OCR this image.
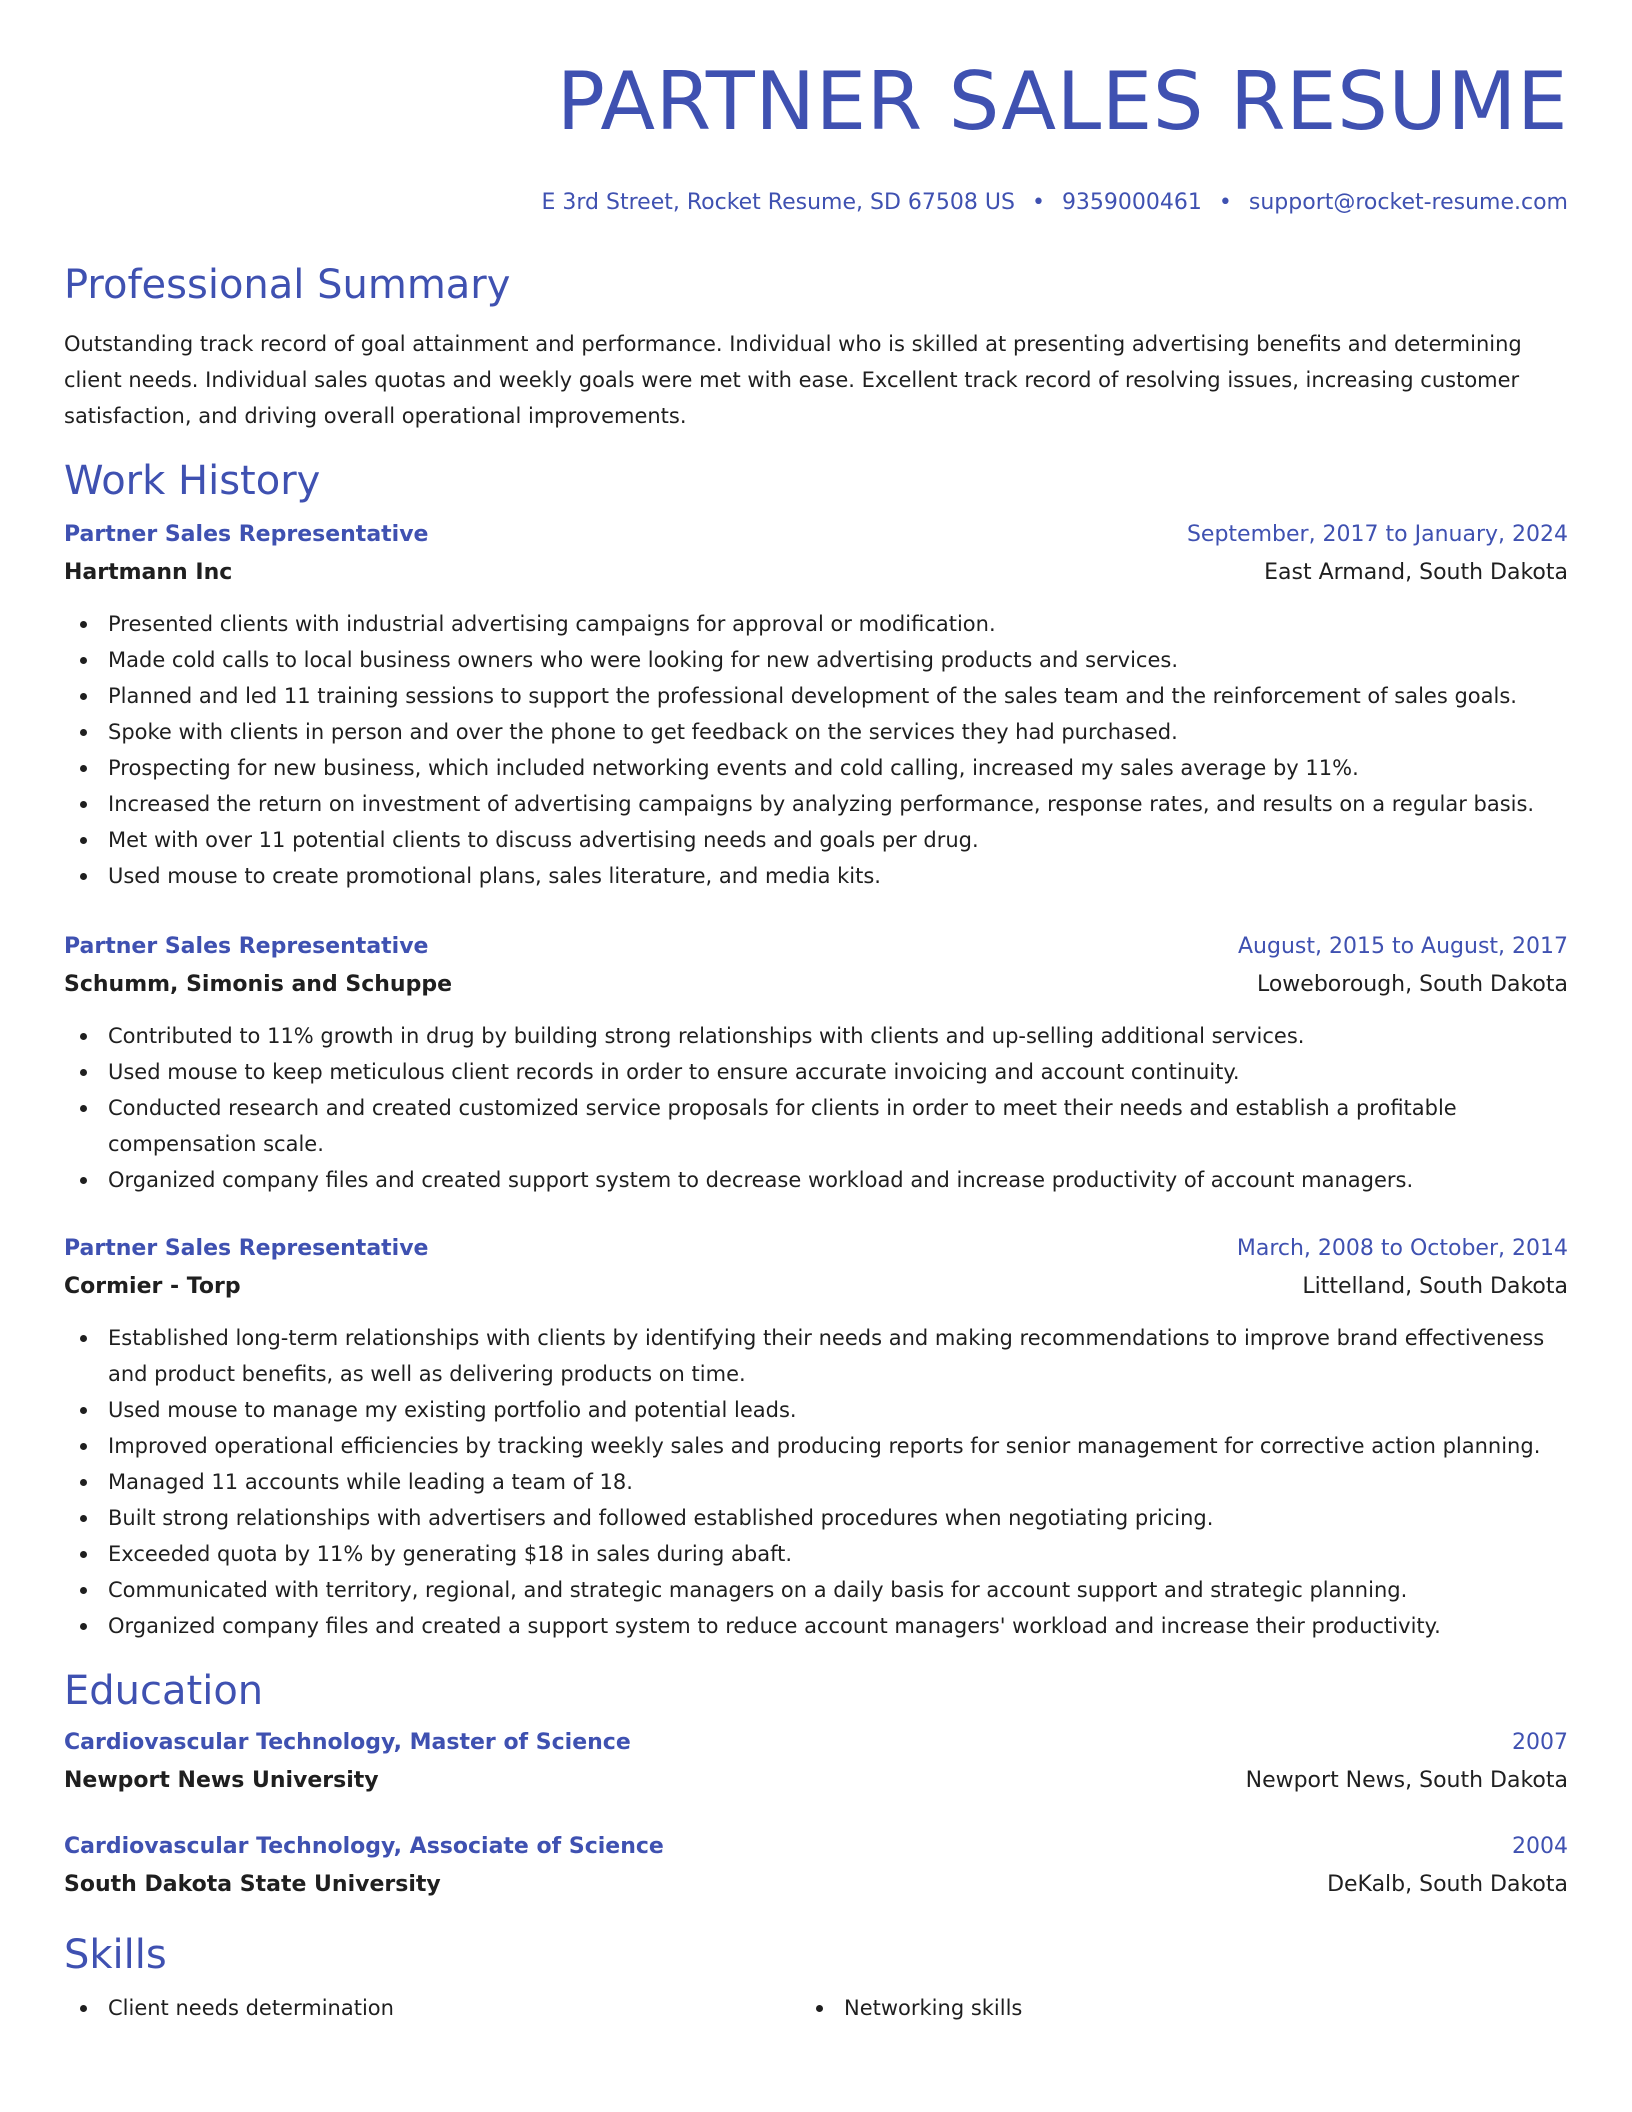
PARTNER SALES RESUME
E 3rd Street, Rocket Resume, SD 67508 US • 9359000461 • support@rocket-resume.com
Professional Summary

Outstanding track record of goal attainment and performance. Individual who is skilled at presenting advertising benefits and determining client needs. Individual sales quotas and weekly goals were met with ease. Excellent track record of resolving issues, increasing customer satisfaction, and driving overall operational improvements.

Work History
Partner Sales Representative	September, 2017 to January, 2024
Hartmann Inc	East Armand, South Dakota
Presented clients with industrial advertising campaigns for approval or modification.
Made cold calls to local business owners who were looking for new advertising products and services.
Planned and led 11 training sessions to support the professional development of the sales team and the reinforcement of sales goals.
Spoke with clients in person and over the phone to get feedback on the services they had purchased.
Prospecting for new business, which included networking events and cold calling, increased my sales average by 11%.
Increased the return on investment of advertising campaigns by analyzing performance, response rates, and results on a regular basis.
Met with over 11 potential clients to discuss advertising needs and goals per drug.
Used mouse to create promotional plans, sales literature, and media kits.
Partner Sales Representative	August, 2015 to August, 2017
Schumm, Simonis and Schuppe	Loweborough, South Dakota
Contributed to 11% growth in drug by building strong relationships with clients and up-selling additional services.
Used mouse to keep meticulous client records in order to ensure accurate invoicing and account continuity.
Conducted research and created customized service proposals for clients in order to meet their needs and establish a profitable compensation scale.
Organized company files and created support system to decrease workload and increase productivity of account managers.
Partner Sales Representative	March, 2008 to October, 2014
Cormier - Torp	Littelland, South Dakota
Established long-term relationships with clients by identifying their needs and making recommendations to improve brand effectiveness and product benefits, as well as delivering products on time.
Used mouse to manage my existing portfolio and potential leads.
Improved operational efficiencies by tracking weekly sales and producing reports for senior management for corrective action planning.
Managed 11 accounts while leading a team of 18.
Built strong relationships with advertisers and followed established procedures when negotiating pricing.
Exceeded quota by 11% by generating $18 in sales during abaft.
Communicated with territory, regional, and strategic managers on a daily basis for account support and strategic planning.
Organized company files and created a support system to reduce account managers' workload and increase their productivity.
Education
Cardiovascular Technology, Master of Science	2007
Newport News University	Newport News, South Dakota
Cardiovascular Technology, Associate of Science	2004
South Dakota State University	DeKalb, South Dakota
Skills
Client needs determination	Networking skills
